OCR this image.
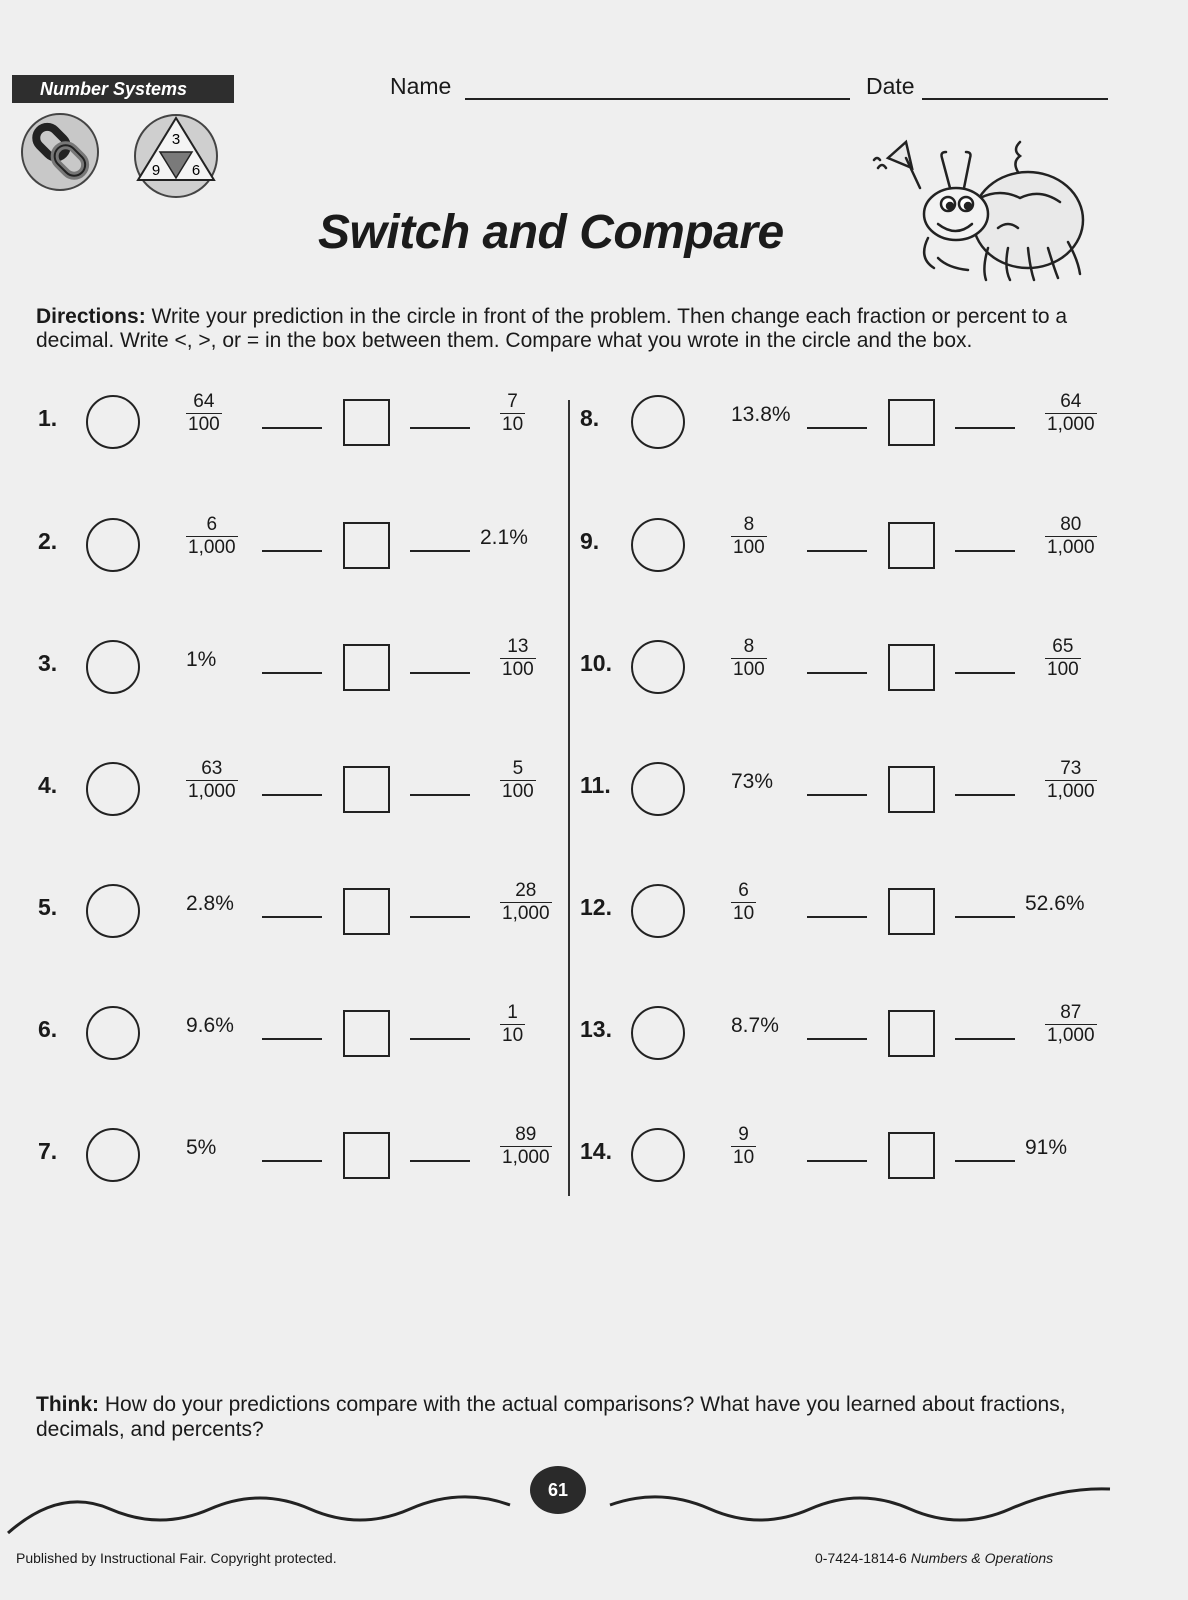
Number Systems	Name	Date
3
9 6
Switch and Compare
Directions: Write your prediction in the circle in front of the problem. Then change each fraction or percent to a decimal. Write <, >, or = in the box between them. Compare what you wrote in the circle and the box.
1.	$\frac{64}{100}$	$\frac{7}{10}$
2.	$\frac{6}{1,000}$	2.1%
3.	1%	$\frac{13}{100}$
4.	$\frac{63}{1,000}$	$\frac{5}{100}$
5.	2.8%	$\frac{28}{1,000}$
6.	9.6%	$\frac{1}{10}$
7.	5%	$\frac{89}{1,000}$
8.	13.8%	$\frac{64}{1,000}$
9.	$\frac{8}{100}$	$\frac{80}{1,000}$
10.	$\frac{8}{100}$	$\frac{65}{100}$
11.	73%	$\frac{73}{1,000}$
12.	$\frac{6}{10}$	52.6%
13.	8.7%	$\frac{87}{1,000}$
14.	$\frac{9}{10}$	91%
Think: How do your predictions compare with the actual comparisons? What have you learned about fractions, decimals, and percents?
61
Published by Instructional Fair. Copyright protected.	0-7424-1814-6 Numbers & Operations
